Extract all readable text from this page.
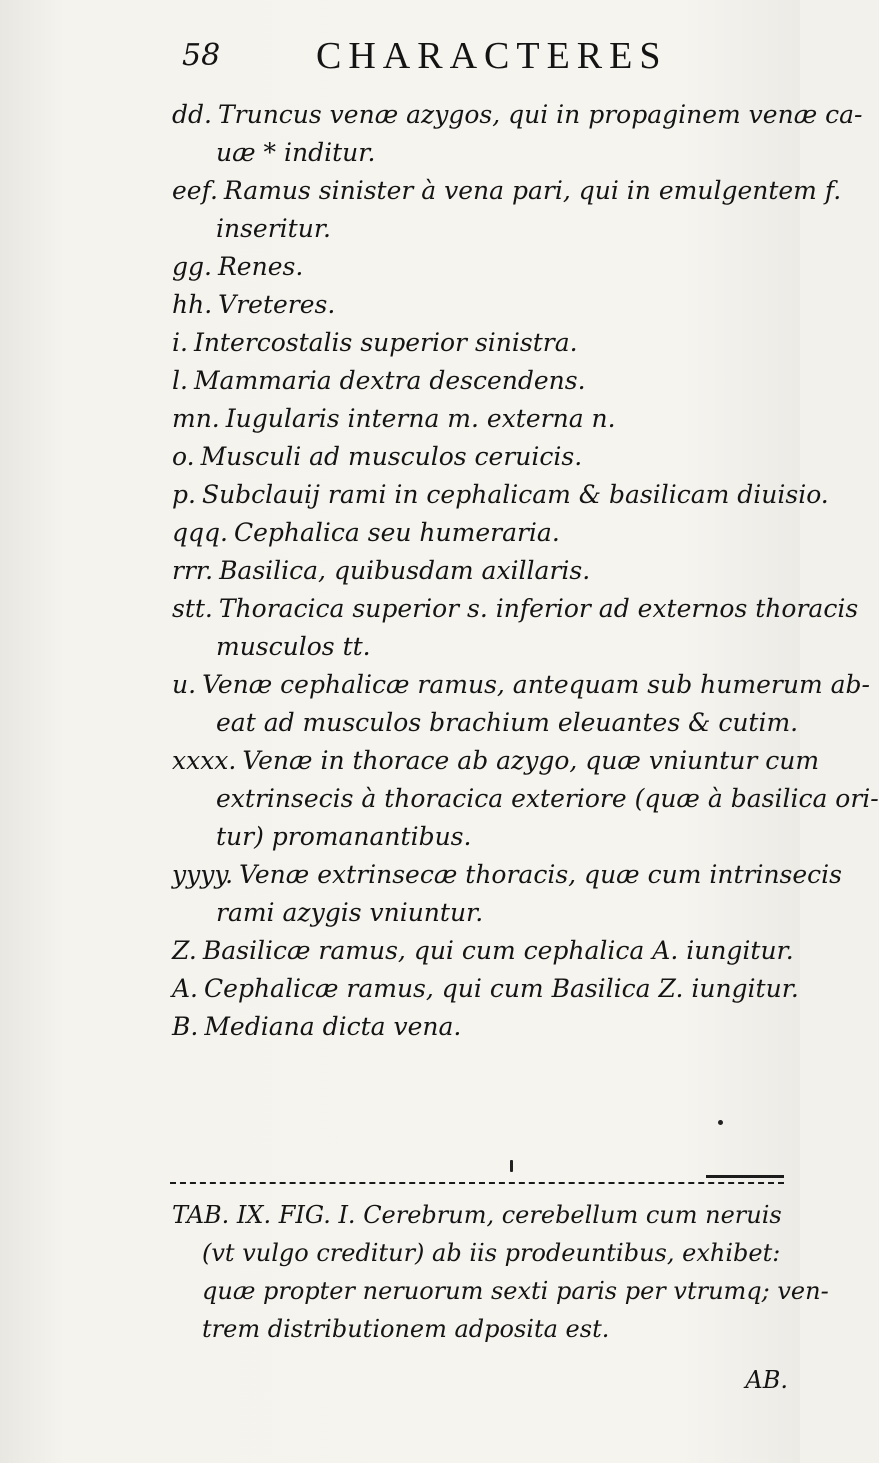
58	CHARACTERES
dd. Truncus venæ azygos, qui in propaginem venæ ca-
uæ * inditur.
eef. Ramus sinister à vena pari, qui in emulgentem f.
inseritur.
gg. Renes.
hh. Vreteres.
i. Intercostalis superior sinistra.
l. Mammaria dextra descendens.
mn. Iugularis interna m. externa n.
o. Musculi ad musculos ceruicis.
p. Subclauij rami in cephalicam & basilicam diuisio.
qqq. Cephalica seu humeraria.
rrr. Basilica, quibusdam axillaris.
stt. Thoracica superior s. inferior ad externos thoracis
musculos tt.
u. Venæ cephalicæ ramus, antequam sub humerum ab-
eat ad musculos brachium eleuantes & cutim.
xxxx. Venæ in thorace ab azygo, quæ vniuntur cum
extrinsecis à thoracica exteriore (quæ à basilica ori-
tur) promanantibus.
yyyy. Venæ extrinsecæ thoracis, quæ cum intrinsecis
rami azygis vniuntur.
Z. Basilicæ ramus, qui cum cephalica A. iungitur.
A. Cephalicæ ramus, qui cum Basilica Z. iungitur.
B. Mediana dicta vena.
TAB. IX. FIG. I. Cerebrum, cerebellum cum neruis
(vt vulgo creditur) ab iis prodeuntibus, exhibet:
quæ propter neruorum sexti paris per vtrumq; ven-
trem distributionem adposita est.
AB.
